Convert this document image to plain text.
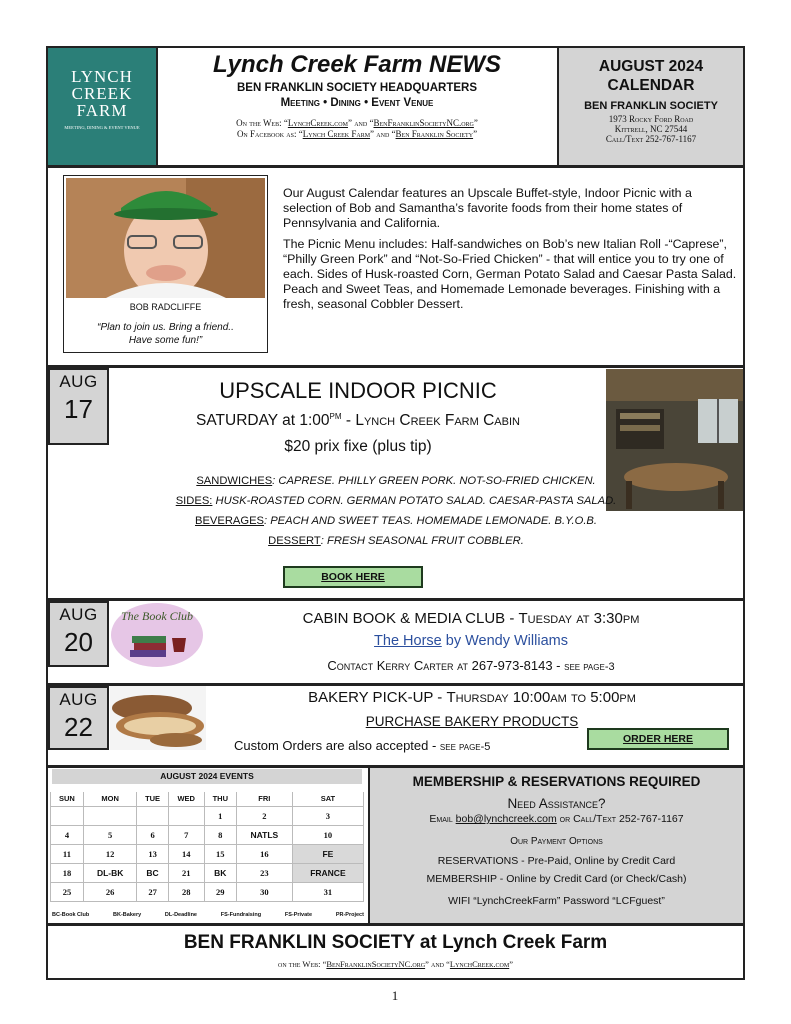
LYNCH
CREEK
FARM
MEETING, DINING & EVENT VENUE
Lynch Creek Farm NEWS
BEN FRANKLIN SOCIETY HEADQUARTERS
Meeting • Dining • Event Venue
On the Web: “LynchCreek.com” and “BenFranklinSocietyNC.org”
On Facebook as: “Lynch Creek Farm” and “Ben Franklin Society”
AUGUST 2024
CALENDAR
BEN FRANKLIN SOCIETY
1973 Rocky Ford Road
Kittrell, NC 27544
Call/Text 252-767-1167
BOB RADCLIFFE
“Plan to join us. Bring a friend..
Have some fun!”

Our August Calendar features an Upscale Buffet-style, Indoor Picnic with a selection of Bob and Samantha’s favorite foods from their home states of Pennsylvania and California.

The Picnic Menu includes: Half-sandwiches on Bob’s new Italian Roll -“Caprese”, “Philly Green Pork” and “Not-So-Fried Chicken” - that will entice you to try one of each. Sides of Husk-roasted Corn, German Potato Salad and Caesar Pasta Salad. Peach and Sweet Teas, and Homemade Lemonade beverages. Finishing with a fresh, seasonal Cobbler Dessert.

AUG
17
UPSCALE INDOOR PICNIC
SATURDAY at $1:00^{PM}$ - Lynch Creek Farm Cabin
$20 prix fixe (plus tip)
SANDWICHES: CAPRESE. PHILLY GREEN PORK. NOT-SO-FRIED CHICKEN.
SIDES: HUSK-ROASTED CORN. GERMAN POTATO SALAD. CAESAR-PASTA SALAD.
BEVERAGES: PEACH AND SWEET TEAS. HOMEMADE LEMONADE. B.Y.O.B.
DESSERT: FRESH SEASONAL FRUIT COBBLER.
BOOK HERE
AUG
20
The Book Club	CABIN BOOK & MEDIA CLUB - Tuesday at 3:30pm
The Horse by Wendy Williams
Contact Kerry Carter at 267-973-8143 - see page-3
AUG
22
BAKERY PICK-UP - Thursday 10:00am to 5:00pm
PURCHASE BAKERY PRODUCTS
Custom Orders are also accepted - see page-5
ORDER HERE
AUGUST 2024 EVENTS
SUN	MON	TUE	WED	THU	FRI	SAT
				1	2	3
4	5	6	7	8	NATLS	10
11	12	13	14	15	16	FE
18	DL-BK	BC	21	BK	23	FRANCE
25	26	27	28	29	30	31
BC-Book Club	BK-Bakery	DL-Deadline	FS-Fundraising	FS-Private	PR-Project
MEMBERSHIP & RESERVATIONS REQUIRED
Need Assistance?
Email bob@lynchcreek.com or Call/Text 252-767-1167
Our Payment Options
RESERVATIONS - Pre-Paid, Online by Credit Card
MEMBERSHIP - Online by Credit Card (or Check/Cash)
WIFI “LynchCreekFarm” Password “LCFguest”
BEN FRANKLIN SOCIETY at Lynch Creek Farm
on the Web: “BenFranklinSocietyNC.org” and “LynchCreek.com”
1
